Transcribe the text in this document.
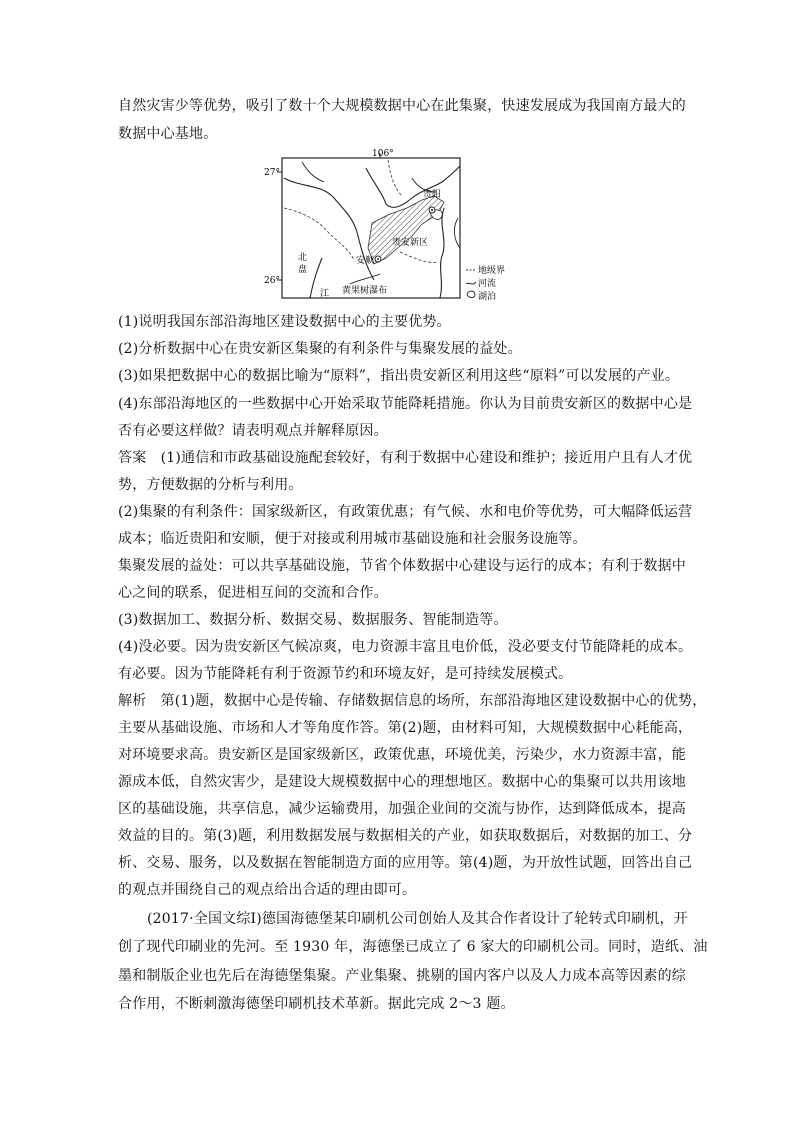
自然灾害少等优势，吸引了数十个大规模数据中心在此集聚，快速发展成为我国南方最大的
数据中心基地。
106°
27°
26°
贵阳
安顺
贵安新区
北
盘
江 黄果树瀑布
地级界
河流
湖泊
(1)说明我国东部沿海地区建设数据中心的主要优势。
(2)分析数据中心在贵安新区集聚的有利条件与集聚发展的益处。
(3)如果把数据中心的数据比喻为“原料”，指出贵安新区利用这些“原料”可以发展的产业。
(4)东部沿海地区的一些数据中心开始采取节能降耗措施。你认为目前贵安新区的数据中心是
否有必要这样做？请表明观点并解释原因。
答案　(1)通信和市政基础设施配套较好，有利于数据中心建设和维护；接近用户且有人才优
势，方便数据的分析与利用。
(2)集聚的有利条件：国家级新区，有政策优惠；有气候、水和电价等优势，可大幅降低运营
成本；临近贵阳和安顺，便于对接或利用城市基础设施和社会服务设施等。
集聚发展的益处：可以共享基础设施，节省个体数据中心建设与运行的成本；有利于数据中
心之间的联系，促进相互间的交流和合作。
(3)数据加工、数据分析、数据交易、数据服务、智能制造等。
(4)没必要。因为贵安新区气候凉爽，电力资源丰富且电价低，没必要支付节能降耗的成本。
有必要。因为节能降耗有利于资源节约和环境友好，是可持续发展模式。
解析　第(1)题，数据中心是传输、存储数据信息的场所，东部沿海地区建设数据中心的优势，
主要从基础设施、市场和人才等角度作答。第(2)题，由材料可知，大规模数据中心耗能高，
对环境要求高。贵安新区是国家级新区，政策优惠，环境优美，污染少，水力资源丰富，能
源成本低，自然灾害少，是建设大规模数据中心的理想地区。数据中心的集聚可以共用该地
区的基础设施，共享信息，减少运输费用，加强企业间的交流与协作，达到降低成本，提高
效益的目的。第(3)题，利用数据发展与数据相关的产业，如获取数据后，对数据的加工、分
析、交易、服务，以及数据在智能制造方面的应用等。第(4)题，为开放性试题，回答出自己
的观点并围绕自己的观点给出合适的理由即可。
(2017·全国文综Ⅰ)德国海德堡某印刷机公司创始人及其合作者设计了轮转式印刷机，开
创了现代印刷业的先河。至 1930 年，海德堡已成立了 6 家大的印刷机公司。同时，造纸、油
墨和制版企业也先后在海德堡集聚。产业集聚、挑剔的国内客户以及人力成本高等因素的综
合作用，不断刺激海德堡印刷机技术革新。据此完成 2～3 题。
